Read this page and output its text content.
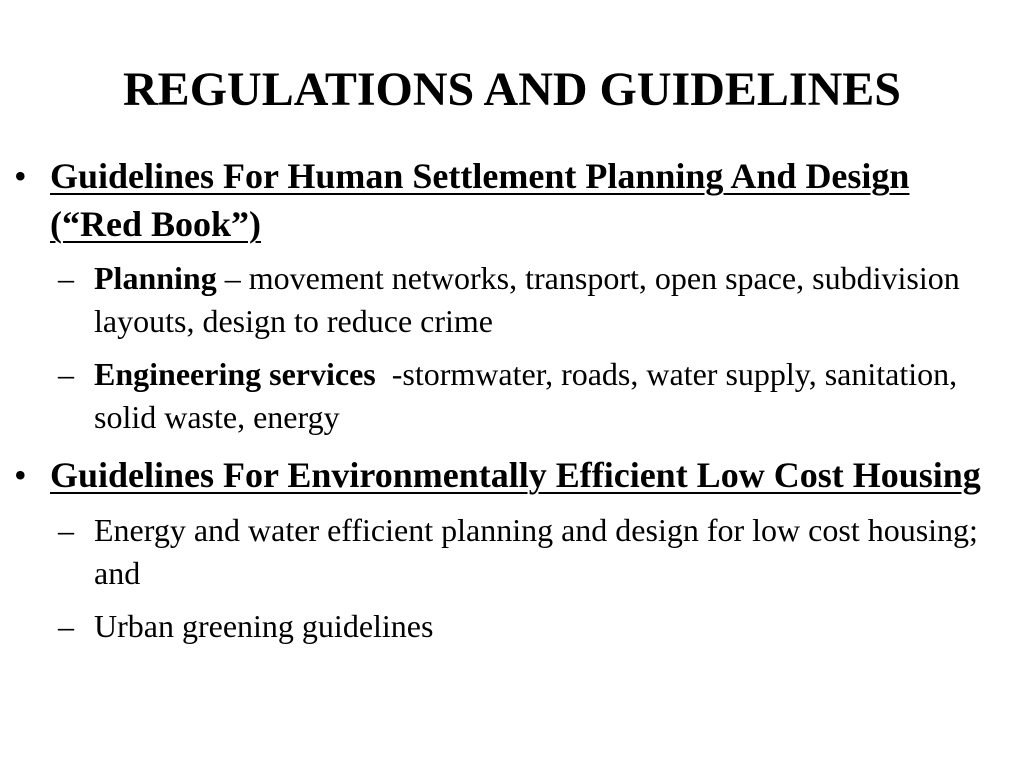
REGULATIONS AND GUIDELINES

• Guidelines For Human Settlement Planning And Design (“Red Book”)

– Planning – movement networks, transport, open space, subdivision layouts, design to reduce crime

– Engineering services  -stormwater, roads, water supply, sanitation, solid waste, energy

• Guidelines For Environmentally Efficient Low Cost Housing

– Energy and water efficient planning and design for low cost housing; and

– Urban greening guidelines
